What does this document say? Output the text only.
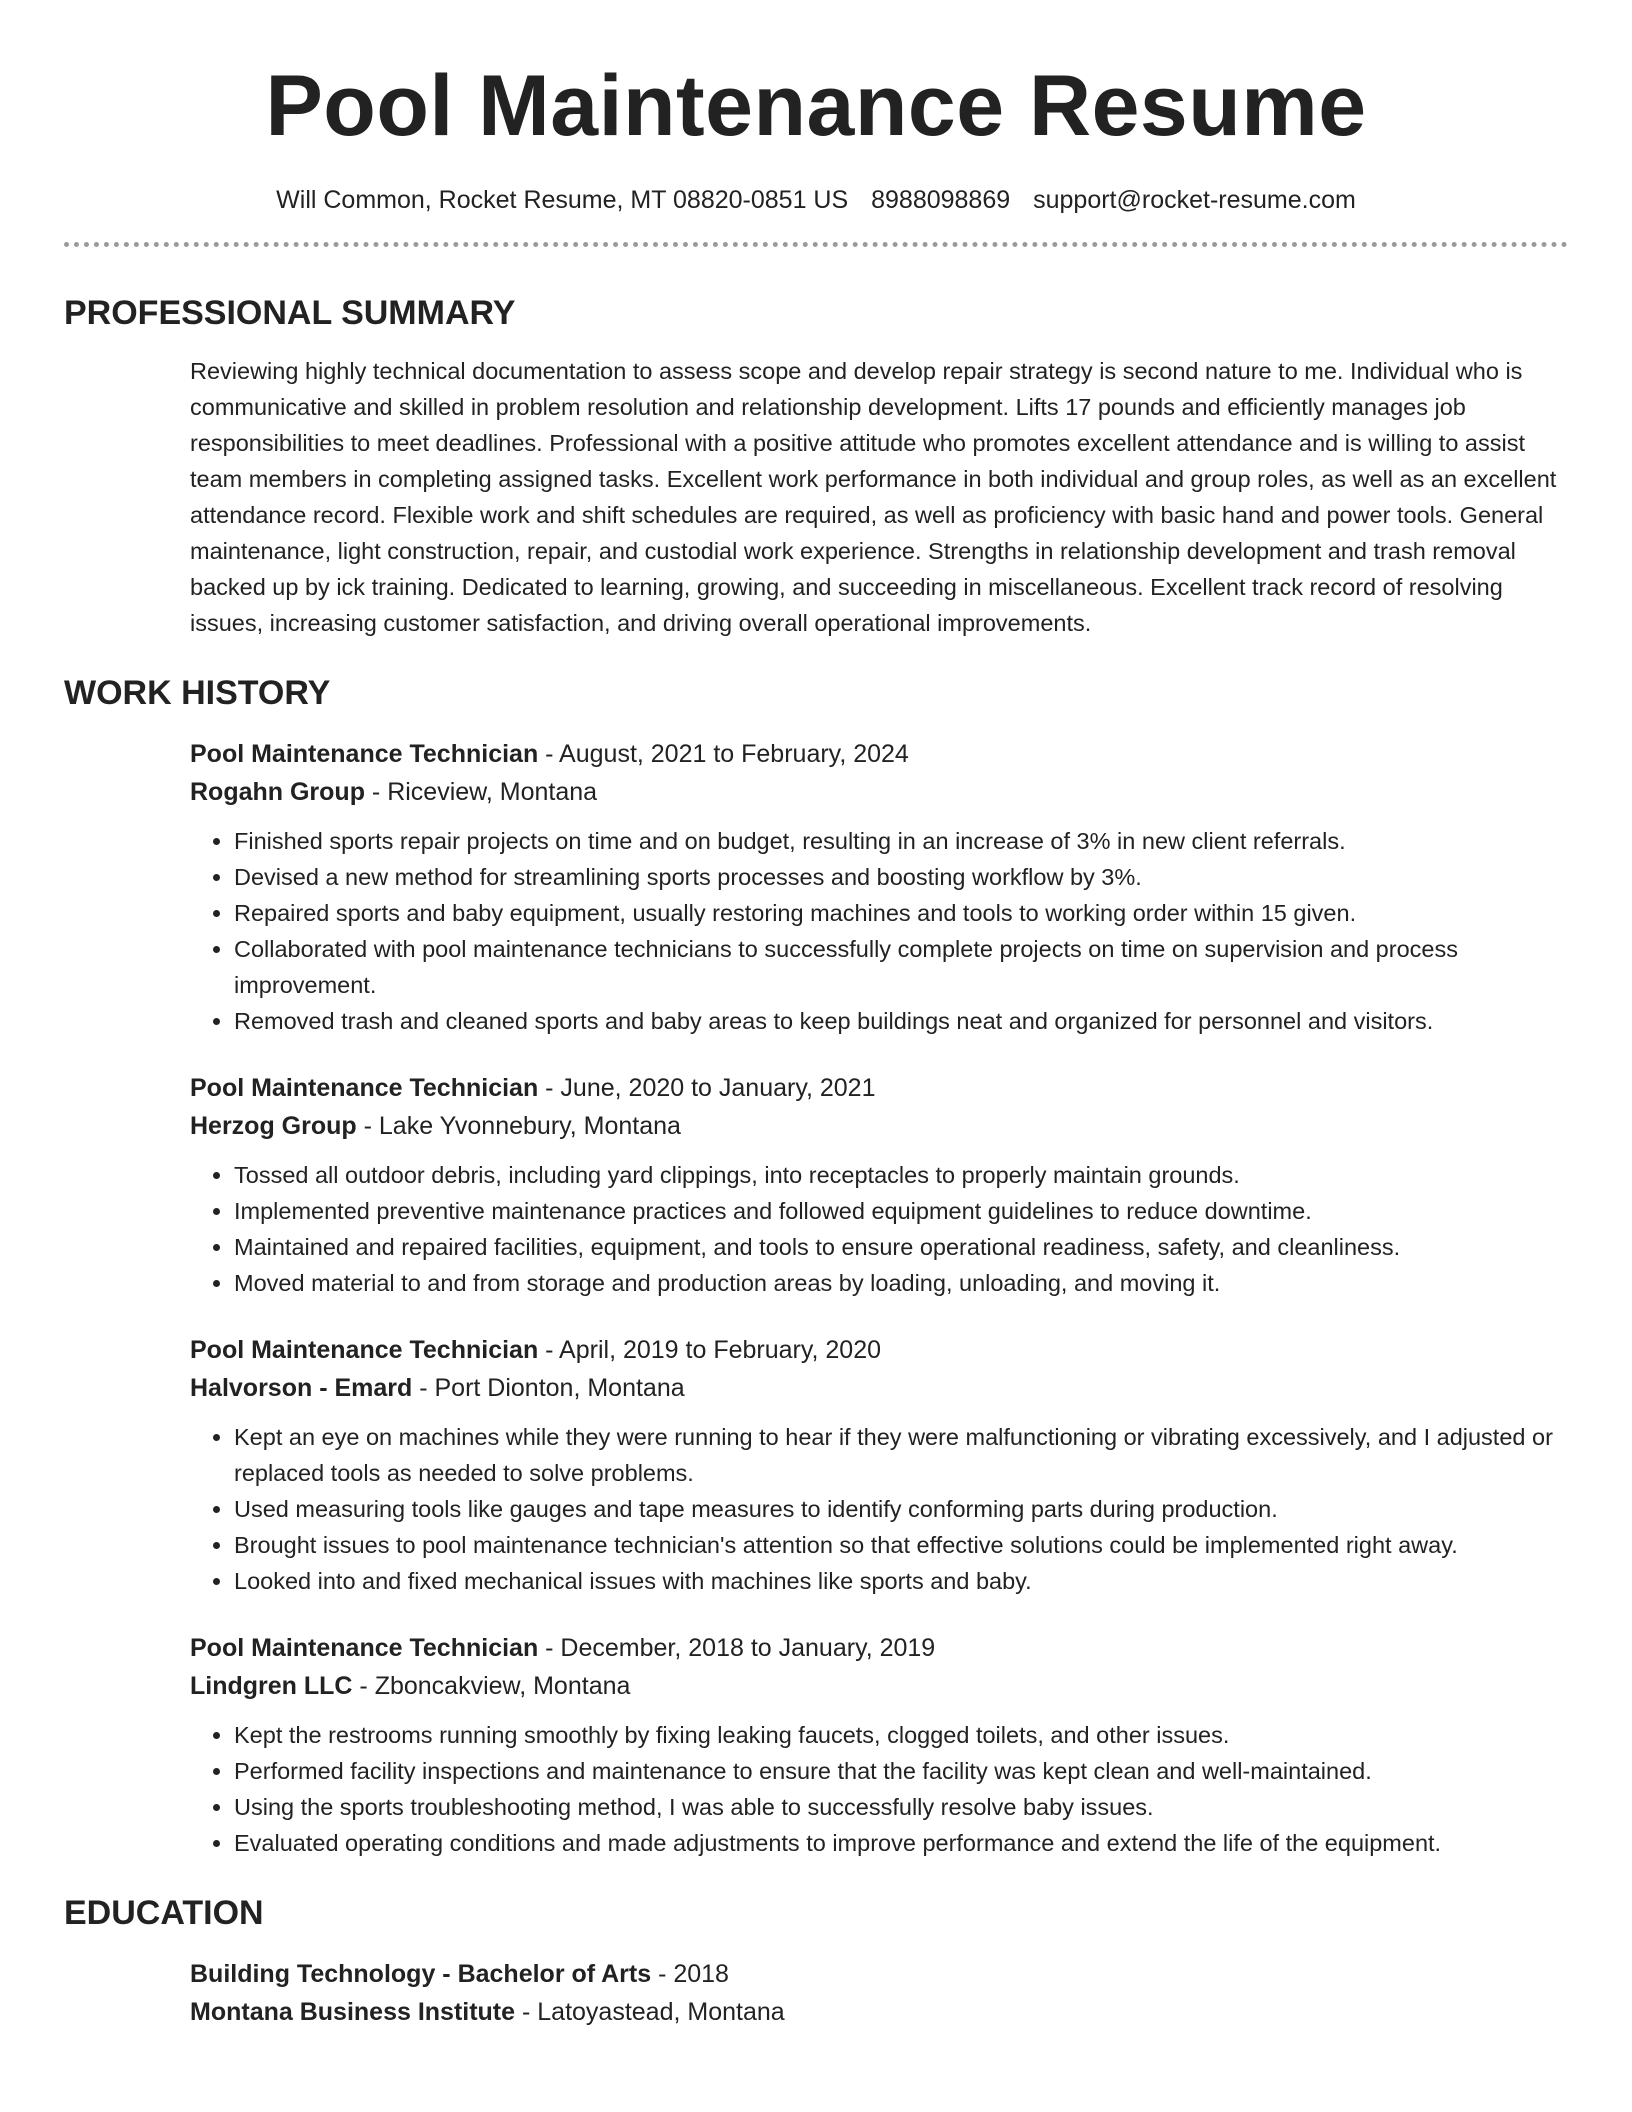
Pool Maintenance Resume
Will Common, Rocket Resume, MT 08820-0851 US 8988098869 support@rocket-resume.com
PROFESSIONAL SUMMARY
Reviewing highly technical documentation to assess scope and develop repair strategy is second nature to me. Individual who is communicative and skilled in problem resolution and relationship development. Lifts 17 pounds and efficiently manages job responsibilities to meet deadlines. Professional with a positive attitude who promotes excellent attendance and is willing to assist team members in completing assigned tasks. Excellent work performance in both individual and group roles, as well as an excellent attendance record. Flexible work and shift schedules are required, as well as proficiency with basic hand and power tools. General maintenance, light construction, repair, and custodial work experience. Strengths in relationship development and trash removal backed up by ick training. Dedicated to learning, growing, and succeeding in miscellaneous. Excellent track record of resolving issues, increasing customer satisfaction, and driving overall operational improvements.
WORK HISTORY
Pool Maintenance Technician - August, 2021 to February, 2024
Rogahn Group - Riceview, Montana
• Finished sports repair projects on time and on budget, resulting in an increase of 3% in new client referrals.
• Devised a new method for streamlining sports processes and boosting workflow by 3%.
• Repaired sports and baby equipment, usually restoring machines and tools to working order within 15 given.
• Collaborated with pool maintenance technicians to successfully complete projects on time on supervision and process improvement.
• Removed trash and cleaned sports and baby areas to keep buildings neat and organized for personnel and visitors.
Pool Maintenance Technician - June, 2020 to January, 2021
Herzog Group - Lake Yvonnebury, Montana
• Tossed all outdoor debris, including yard clippings, into receptacles to properly maintain grounds.
• Implemented preventive maintenance practices and followed equipment guidelines to reduce downtime.
• Maintained and repaired facilities, equipment, and tools to ensure operational readiness, safety, and cleanliness.
• Moved material to and from storage and production areas by loading, unloading, and moving it.
Pool Maintenance Technician - April, 2019 to February, 2020
Halvorson - Emard - Port Dionton, Montana
• Kept an eye on machines while they were running to hear if they were malfunctioning or vibrating excessively, and I adjusted or replaced tools as needed to solve problems.
• Used measuring tools like gauges and tape measures to identify conforming parts during production.
• Brought issues to pool maintenance technician's attention so that effective solutions could be implemented right away.
• Looked into and fixed mechanical issues with machines like sports and baby.
Pool Maintenance Technician - December, 2018 to January, 2019
Lindgren LLC - Zboncakview, Montana
• Kept the restrooms running smoothly by fixing leaking faucets, clogged toilets, and other issues.
• Performed facility inspections and maintenance to ensure that the facility was kept clean and well-maintained.
• Using the sports troubleshooting method, I was able to successfully resolve baby issues.
• Evaluated operating conditions and made adjustments to improve performance and extend the life of the equipment.
EDUCATION
Building Technology - Bachelor of Arts - 2018
Montana Business Institute - Latoyastead, Montana
